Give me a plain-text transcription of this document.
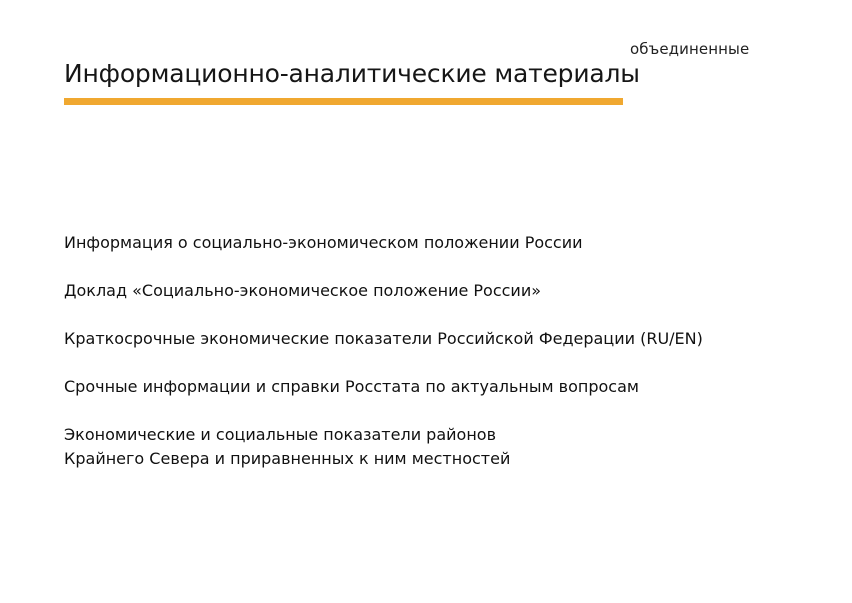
объединенные
Информационно-аналитические материалы
Информация о социально-экономическом положении России
Доклад «Социально-экономическое положение России»
Краткосрочные экономические показатели Российской Федерации (RU/EN)
Срочные информации и справки Росстата по актуальным вопросам
Экономические и социальные показатели районов
Крайнего Севера и приравненных к ним местностей
